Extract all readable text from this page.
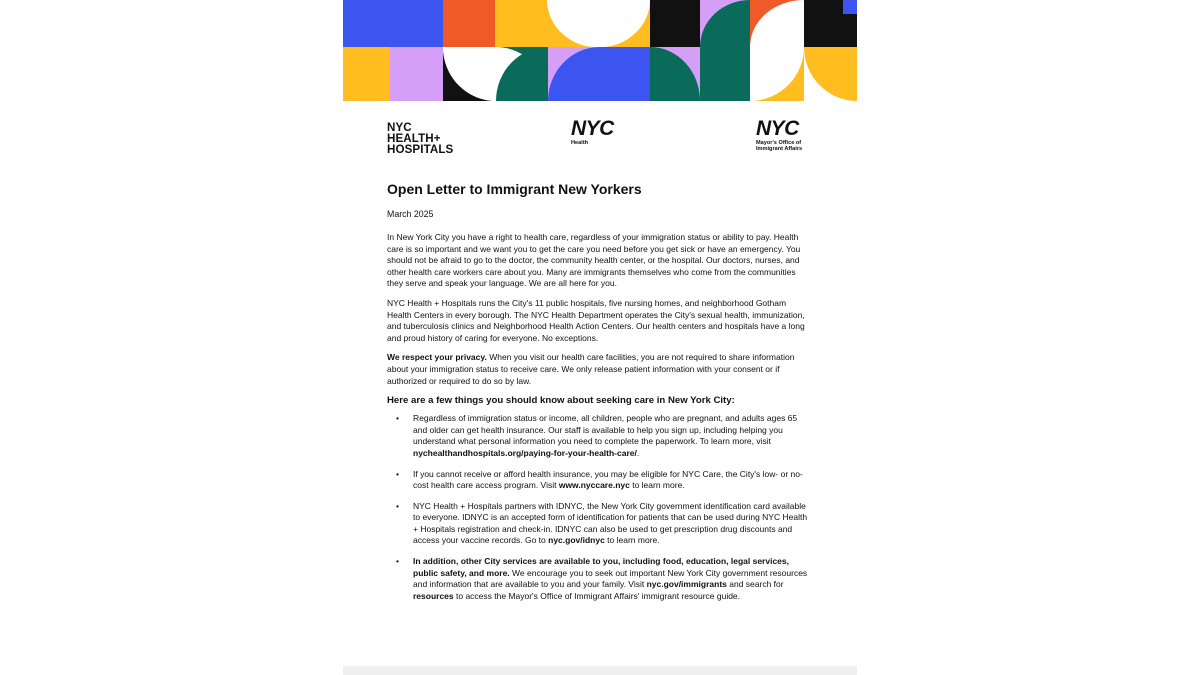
NYC
HEALTH+
HOSPITALS
NYC
Health
NYC
Mayor's Office of
Immigrant Affairs
Open Letter to Immigrant New Yorkers
March 2025

In New York City you have a right to health care, regardless of your immigration status or ability to pay. Health care is so important and we want you to get the care you need before you get sick or have an emergency. You should not be afraid to go to the doctor, the community health center, or the hospital. Our doctors, nurses, and other health care workers care about you. Many are immigrants themselves who come from the communities they serve and speak your language. We are all here for you.

NYC Health + Hospitals runs the City's 11 public hospitals, five nursing homes, and neighborhood Gotham Health Centers in every borough. The NYC Health Department operates the City's sexual health, immunization, and tuberculosis clinics and Neighborhood Health Action Centers. Our health centers and hospitals have a long and proud history of caring for everyone. No exceptions.

We respect your privacy. When you visit our health care facilities, you are not required to share information about your immigration status to receive care. We only release patient information with your consent or if authorized or required to do so by law.

Here are a few things you should know about seeking care in New York City:
• Regardless of immigration status or income, all children, people who are pregnant, and adults ages 65 and older can get health insurance. Our staff is available to help you sign up, including helping you understand what personal information you need to complete the paperwork. To learn more, visit nychealthandhospitals.org/paying-for-your-health-care/.
• If you cannot receive or afford health insurance, you may be eligible for NYC Care, the City's low- or no-cost health care access program. Visit www.nyccare.nyc to learn more.
• NYC Health + Hospitals partners with IDNYC, the New York City government identification card available to everyone. IDNYC is an accepted form of identification for patients that can be used during NYC Health + Hospitals registration and check-in. IDNYC can also be used to get prescription drug discounts and access your vaccine records. Go to nyc.gov/idnyc to learn more.
• In addition, other City services are available to you, including food, education, legal services, public safety, and more. We encourage you to seek out important New York City government resources and information that are available to you and your family. Visit nyc.gov/immigrants and search for resources to access the Mayor's Office of Immigrant Affairs' immigrant resource guide.
